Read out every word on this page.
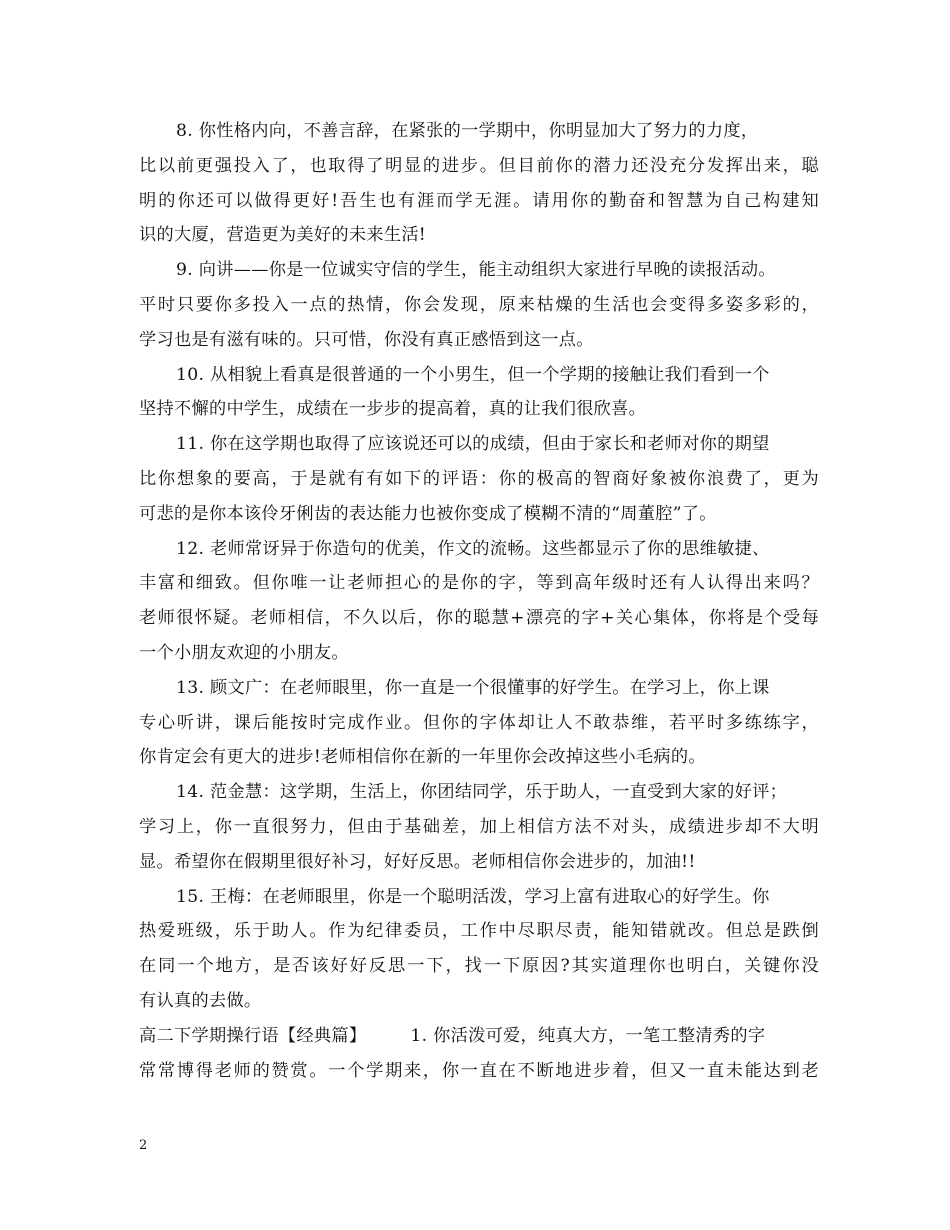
8. 你性格内向，不善言辞，在紧张的一学期中，你明显加大了努力的力度，
比以前更强投入了，也取得了明显的进步。但目前你的潜力还没充分发挥出来，聪
明的你还可以做得更好!吾生也有涯而学无涯。请用你的勤奋和智慧为自己构建知
识的大厦，营造更为美好的未来生活!
9. 向讲——你是一位诚实守信的学生，能主动组织大家进行早晚的读报活动。
平时只要你多投入一点的热情，你会发现，原来枯燥的生活也会变得多姿多彩的，
学习也是有滋有味的。只可惜，你没有真正感悟到这一点。
10. 从相貌上看真是很普通的一个小男生，但一个学期的接触让我们看到一个
坚持不懈的中学生，成绩在一步步的提高着，真的让我们很欣喜。
11. 你在这学期也取得了应该说还可以的成绩，但由于家长和老师对你的期望
比你想象的要高，于是就有有如下的评语：你的极高的智商好象被你浪费了，更为
可悲的是你本该伶牙俐齿的表达能力也被你变成了模糊不清的“周董腔”了。
12. 老师常讶异于你造句的优美，作文的流畅。这些都显示了你的思维敏捷、
丰富和细致。但你唯一让老师担心的是你的字，等到高年级时还有人认得出来吗？
老师很怀疑。老师相信，不久以后，你的聪慧+漂亮的字+关心集体，你将是个受每
一个小朋友欢迎的小朋友。
13. 顾文广：在老师眼里，你一直是一个很懂事的好学生。在学习上，你上课
专心听讲，课后能按时完成作业。但你的字体却让人不敢恭维，若平时多练练字，
你肯定会有更大的进步!老师相信你在新的一年里你会改掉这些小毛病的。
14. 范金慧：这学期，生活上，你团结同学，乐于助人，一直受到大家的好评；
学习上，你一直很努力，但由于基础差，加上相信方法不对头，成绩进步却不大明
显。希望你在假期里很好补习，好好反思。老师相信你会进步的，加油!!
15. 王梅：在老师眼里，你是一个聪明活泼，学习上富有进取心的好学生。你
热爱班级，乐于助人。作为纪律委员，工作中尽职尽责，能知错就改。但总是跌倒
在同一个地方，是否该好好反思一下，找一下原因?其实道理你也明白，关键你没
有认真的去做。
高二下学期操行语【经典篇】	1. 你活泼可爱，纯真大方，一笔工整清秀的字
常常博得老师的赞赏。一个学期来，你一直在不断地进步着，但又一直未能达到老
2
